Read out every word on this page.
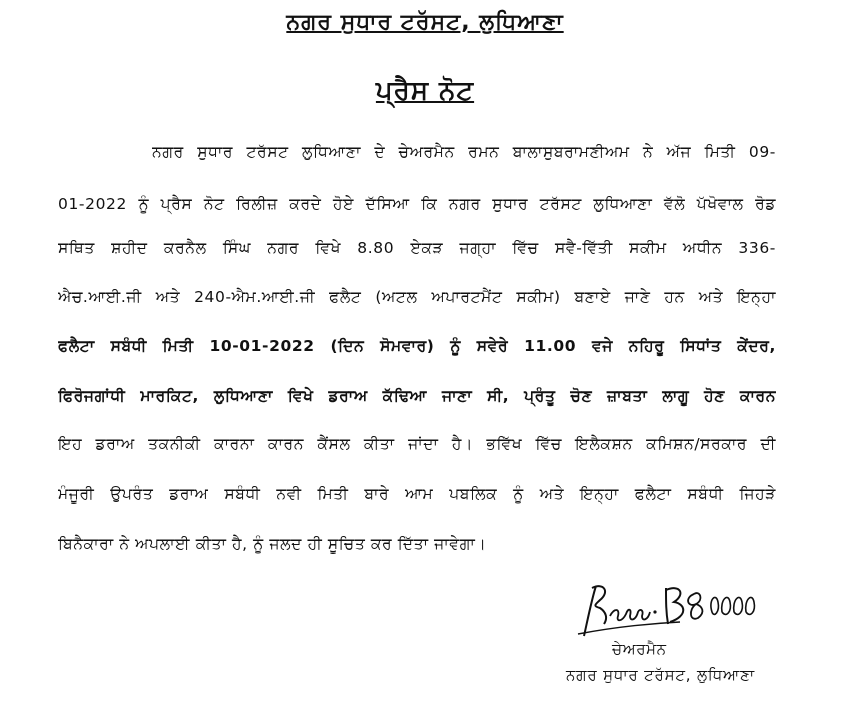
ਨਗਰ ਸੁਧਾਰ ਟਰੱਸਟ, ਲੁਧਿਆਣਾ
ਪ੍ਰੈਸ ਨੋਟ
ਨਗਰ ਸੁਧਾਰ ਟਰੱਸਟ ਲੁਧਿਆਣਾ ਦੇ ਚੇਅਰਮੈਨ ਰਮਨ ਬਾਲਾਸੁਬਰਾਮਣੀਅਮ ਨੇ ਅੱਜ ਮਿਤੀ 09-
01-2022 ਨੂੰ ਪ੍ਰੈਸ ਨੋਟ ਰਿਲੀਜ਼ ਕਰਦੇ ਹੋਏ ਦੱਸਿਆ ਕਿ ਨਗਰ ਸੁਧਾਰ ਟਰੱਸਟ ਲੁਧਿਆਣਾ ਵੱਲੋ ਪੱਖੋਵਾਲ ਰੋਡ
ਸਥਿਤ ਸ਼ਹੀਦ ਕਰਨੈਲ ਸਿੰਘ ਨਗਰ ਵਿਖੇ 8.80 ਏਕੜ ਜਗ੍ਹਾ ਵਿੱਚ ਸਵੈ-ਵਿੱਤੀ ਸਕੀਮ ਅਧੀਨ 336-
ਐਚ.ਆਈ.ਜੀ ਅਤੇ 240-ਐਮ.ਆਈ.ਜੀ ਫਲੈਟ (ਅਟਲ ਅਪਾਰਟਮੈਂਟ ਸਕੀਮ) ਬਣਾਏ ਜਾਣੇ ਹਨ ਅਤੇ ਇਨ੍ਹਾ
ਫਲੈਟਾ ਸਬੰਧੀ ਮਿਤੀ 10-01-2022 (ਦਿਨ ਸੋਮਵਾਰ) ਨੂੰ ਸਵੇਰੇ 11.00 ਵਜੇ ਨਹਿਰੂ ਸਿਧਾਂਤ ਕੇਂਦਰ,
ਫਿਰੋਜਗਾਂਧੀ ਮਾਰਕਿਟ, ਲੁਧਿਆਣਾ ਵਿਖੇ ਡਰਾਅ ਕੱਢਿਆ ਜਾਣਾ ਸੀ, ਪ੍ਰੰਤੂ ਚੋਣ ਜ਼ਾਬਤਾ ਲਾਗੂ ਹੋਣ ਕਾਰਨ
ਇਹ ਡਰਾਅ ਤਕਨੀਕੀ ਕਾਰਨਾ ਕਾਰਨ ਕੈਂਸਲ ਕੀਤਾ ਜਾਂਦਾ ਹੈ। ਭਵਿੱਖ ਵਿੱਚ ਇਲੈਕਸ਼ਨ ਕਮਿਸ਼ਨ/ਸਰਕਾਰ ਦੀ
ਮੰਜੂਰੀ ਉਪਰੰਤ ਡਰਾਅ ਸਬੰਧੀ ਨਵੀ ਮਿਤੀ ਬਾਰੇ ਆਮ ਪਬਲਿਕ ਨੂੰ ਅਤੇ ਇਨ੍ਹਾ ਫਲੈਟਾ ਸਬੰਧੀ ਜਿਹੜੇ
ਬਿਨੈਕਾਰਾ ਨੇ ਅਪਲਾਈ ਕੀਤਾ ਹੈ, ਨੂੰ ਜਲਦ ਹੀ ਸੂਚਿਤ ਕਰ ਦਿੱਤਾ ਜਾਵੇਗਾ।
ਚੇਅਰਮੈਨ
ਨਗਰ ਸੁਧਾਰ ਟਰੱਸਟ, ਲੁਧਿਆਣਾ
